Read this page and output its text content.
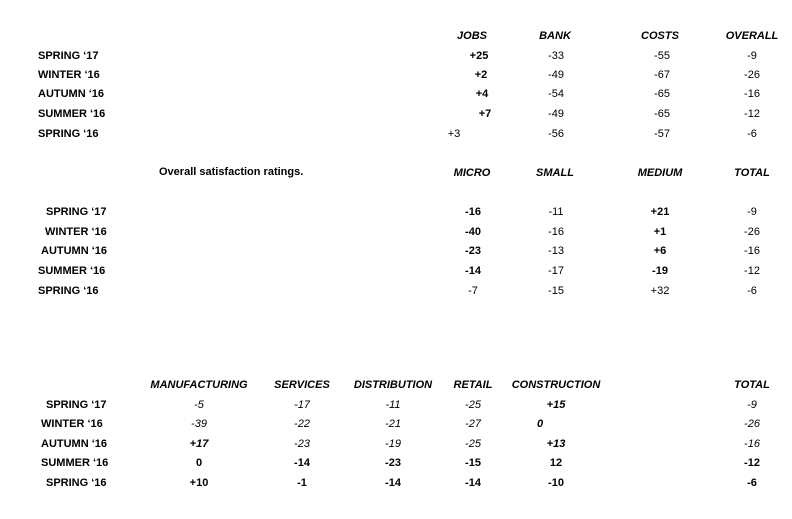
JOBS	BANK	COSTS	OVERALL
SPRING ‘17	+25	-33	-55	-9
WINTER ‘16	+2	-49	-67	-26
AUTUMN ‘16	+4	-54	-65	-16
SUMMER ‘16	+7	-49	-65	-12
SPRING ‘16	+3	-56	-57	-6
Overall satisfaction ratings.	MICRO	SMALL	MEDIUM	TOTAL
SPRING ‘17	-16	-11	+21	-9
WINTER ‘16	-40	-16	+1	-26
AUTUMN ‘16	-23	-13	+6	-16
SUMMER ‘16	-14	-17	-19	-12
SPRING ‘16	-7	-15	+32	-6
MANUFACTURING	SERVICES	DISTRIBUTION	RETAIL	CONSTRUCTION	TOTAL
SPRING ‘17	-5	-17	-11	-25	+15	-9
WINTER ‘16	-39	-22	-21	-27	0	-26
AUTUMN ‘16	+17	-23	-19	-25	+13	-16
SUMMER ‘16	0	-14	-23	-15	12	-12
SPRING ‘16	+10	-1	-14	-14	-10	-6
